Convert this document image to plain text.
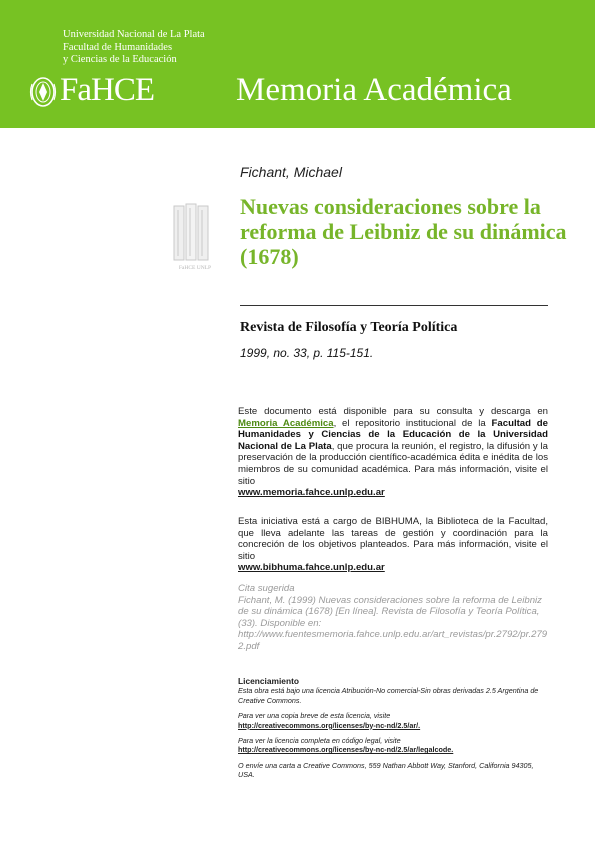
Universidad Nacional de La Plata
Facultad de Humanidades
y Ciencias de la Educación
FaHCE Memoria Académica
FaHCE UNLP
Fichant, Michael
Nuevas consideraciones sobre la reforma de Leibniz de su dinámica (1678)
Revista de Filosofía y Teoría Política
1999, no. 33, p. 115-151.
Este documento está disponible para su consulta y descarga en Memoria Académica, el repositorio institucional de la Facultad de Humanidades y Ciencias de la Educación de la Universidad Nacional de La Plata, que procura la reunión, el registro, la difusión y la preservación de la producción científico-académica édita e inédita de los miembros de su comunidad académica. Para más información, visite el sitio
www.memoria.fahce.unlp.edu.ar
Esta iniciativa está a cargo de BIBHUMA, la Biblioteca de la Facultad, que lleva adelante las tareas de gestión y coordinación para la concreción de los objetivos planteados. Para más información, visite el sitio
www.bibhuma.fahce.unlp.edu.ar
Cita sugerida
Fichant, M. (1999) Nuevas consideraciones sobre la reforma de Leibniz de su dinámica (1678) [En línea]. Revista de Filosofía y Teoría Política, (33). Disponible en:
http://www.fuentesmemoria.fahce.unlp.edu.ar/art_revistas/pr.2792/pr.2792.pdf
Licenciamiento
Esta obra está bajo una licencia Atribución-No comercial-Sin obras derivadas 2.5 Argentina de Creative Commons.
Para ver una copia breve de esta licencia, visite
http://creativecommons.org/licenses/by-nc-nd/2.5/ar/.
Para ver la licencia completa en código legal, visite
http://creativecommons.org/licenses/by-nc-nd/2.5/ar/legalcode.
O envíe una carta a Creative Commons, 559 Nathan Abbott Way, Stanford, California 94305, USA.
